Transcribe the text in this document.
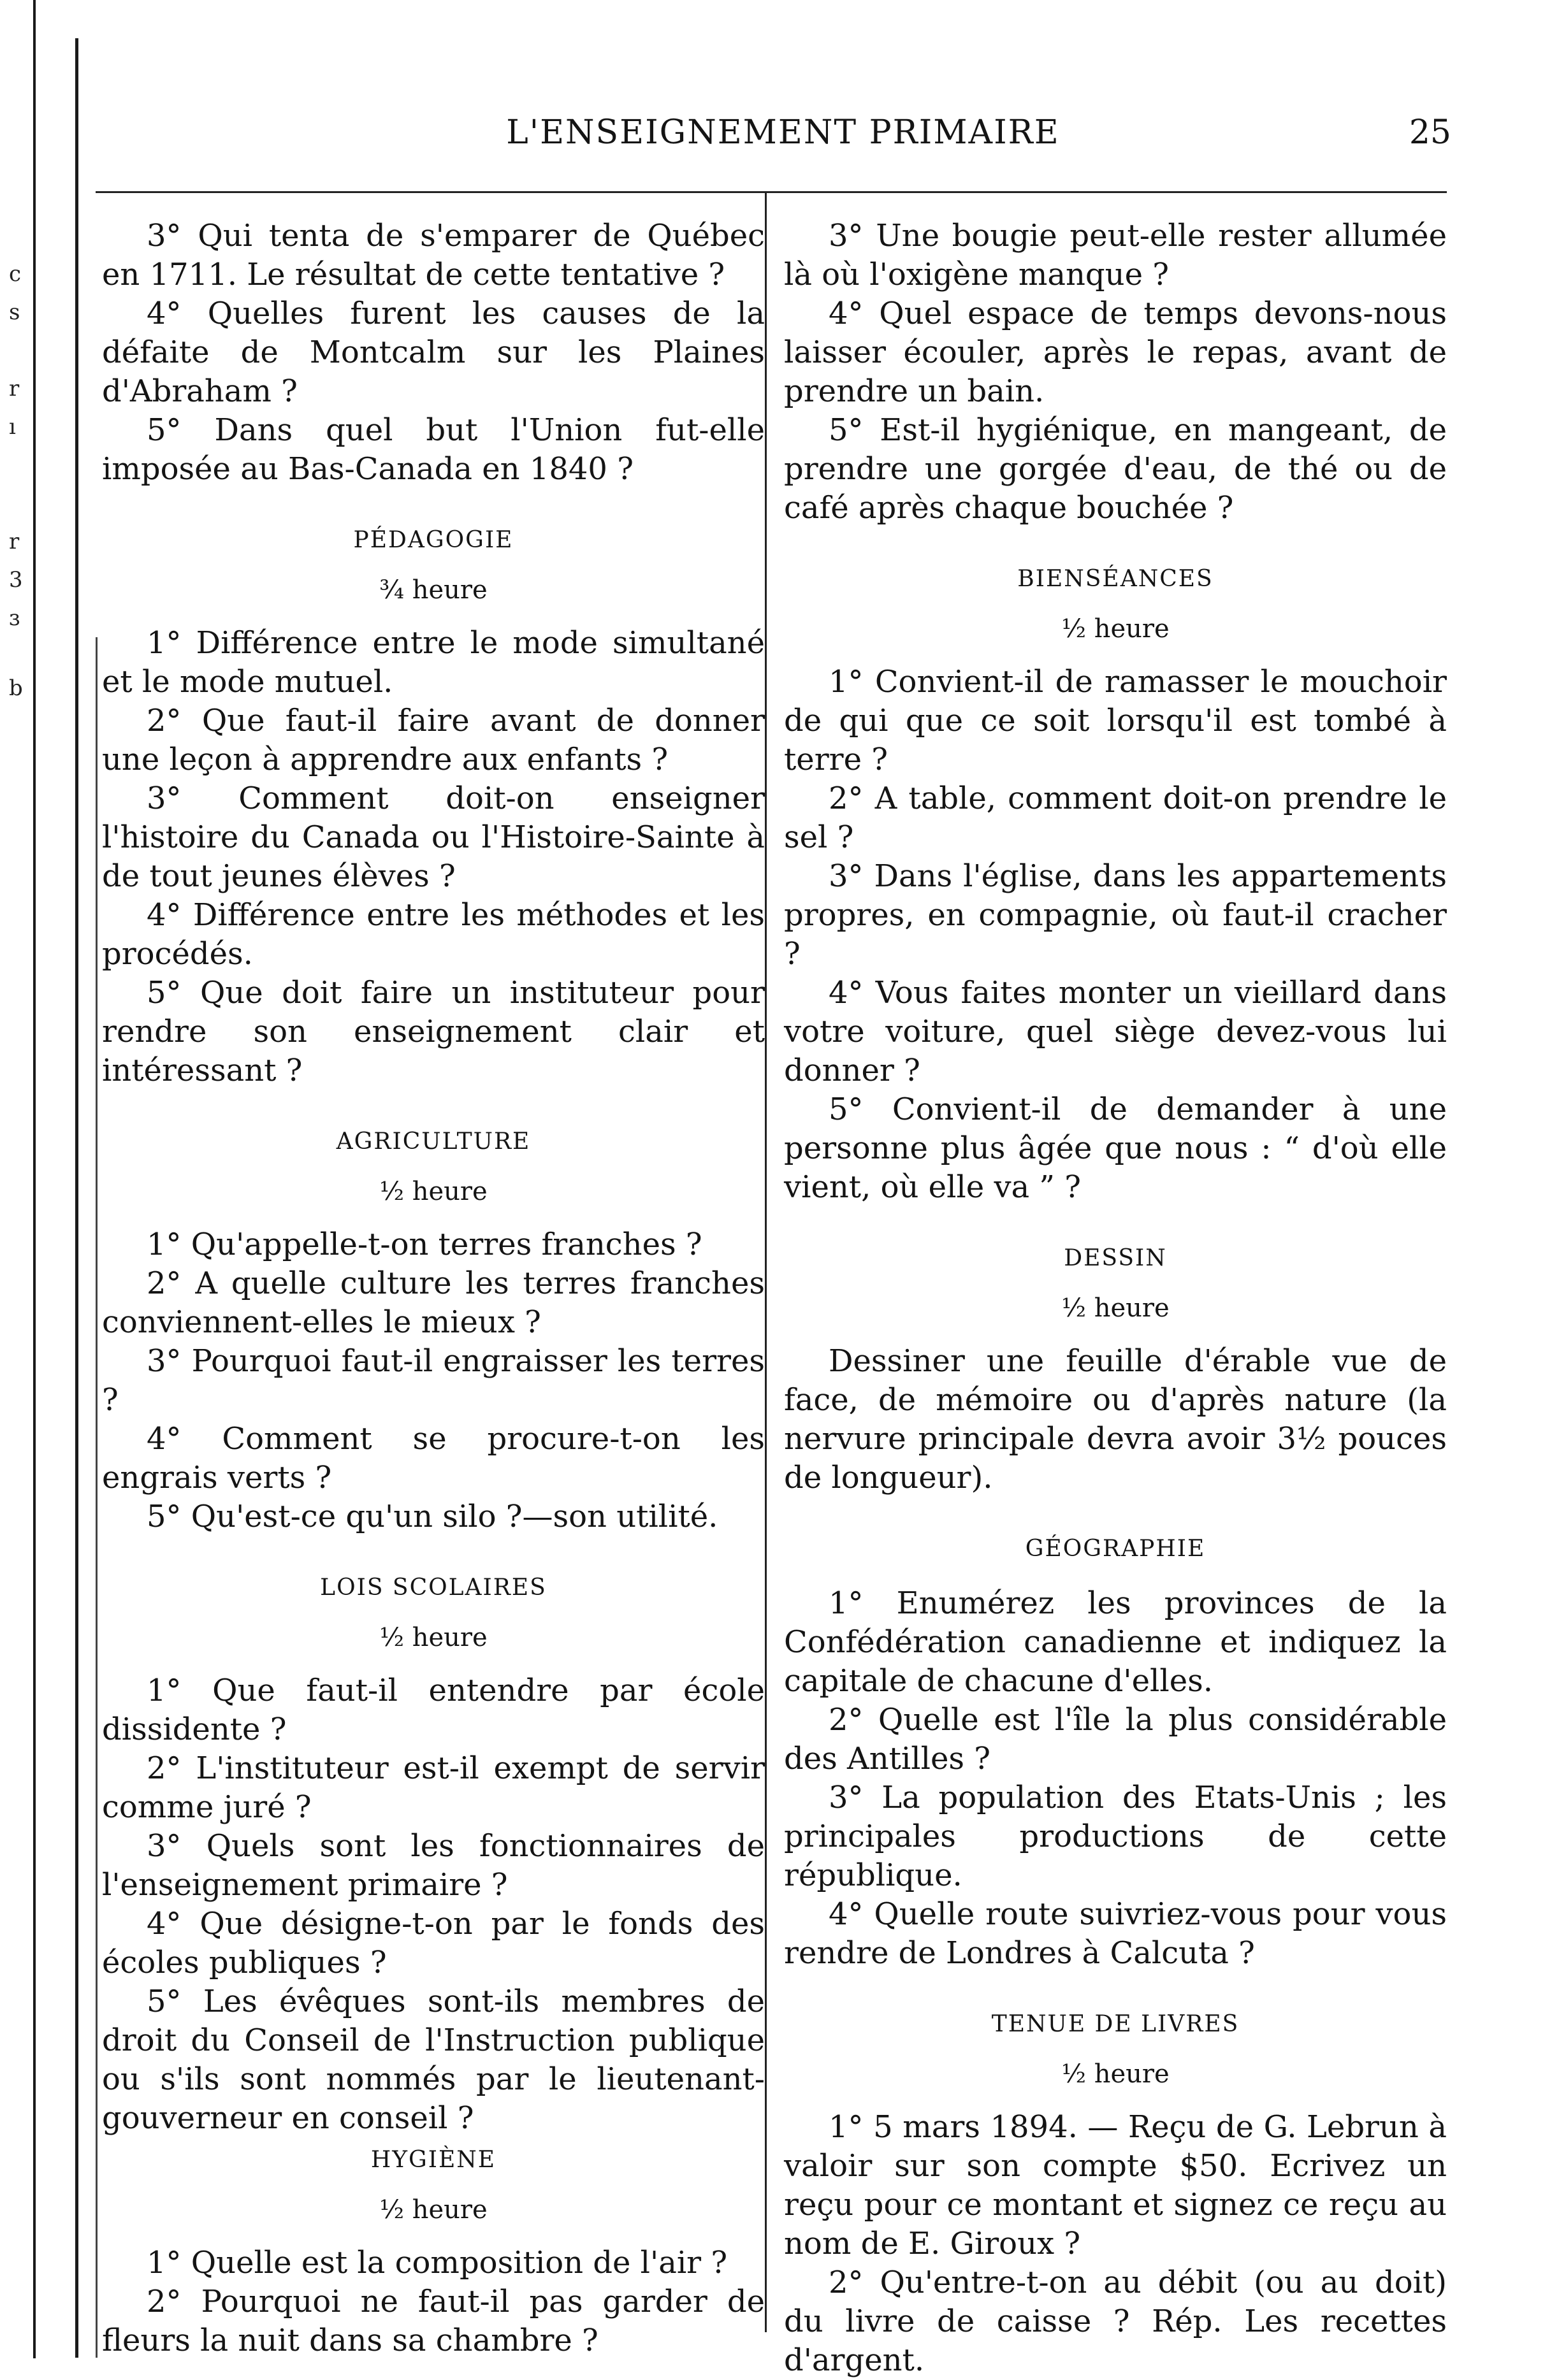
c
s
r
ı
r
3
ɜ
b
L'ENSEIGNEMENT PRIMAIRE	25

3° Qui tenta de s'emparer de Québec en 1711. Le résultat de cette tentative ?

4° Quelles furent les causes de la défaite de Montcalm sur les Plaines d'Abraham ?

5° Dans quel but l'Union fut-elle imposée au Bas-Canada en 1840 ?

PÉDAGOGIE
¾ heure

1° Différence entre le mode simultané et le mode mutuel.

2° Que faut-il faire avant de donner une leçon à apprendre aux enfants ?

3° Comment doit-on enseigner l'histoire du Canada ou l'Histoire-Sainte à de tout jeunes élèves ?

4° Différence entre les méthodes et les procédés.

5° Que doit faire un instituteur pour rendre son enseignement clair et intéressant ?

AGRICULTURE
½ heure

1° Qu'appelle-t-on terres franches ?

2° A quelle culture les terres franches conviennent-elles le mieux ?

3° Pourquoi faut-il engraisser les terres ?

4° Comment se procure-t-on les engrais verts ?

5° Qu'est-ce qu'un silo ?—son utilité.

LOIS SCOLAIRES
½ heure

1° Que faut-il entendre par école dissidente ?

2° L'instituteur est-il exempt de servir comme juré ?

3° Quels sont les fonctionnaires de l'enseignement primaire ?

4° Que désigne-t-on par le fonds des écoles publiques ?

5° Les évêques sont-ils membres de droit du Conseil de l'Instruction publique ou s'ils sont nommés par le lieutenant-gouverneur en conseil ?

HYGIÈNE
½ heure

1° Quelle est la composition de l'air ?

2° Pourquoi ne faut-il pas garder de fleurs la nuit dans sa chambre ?

3° Une bougie peut-elle rester allumée là où l'oxigène manque ?

4° Quel espace de temps devons-nous laisser écouler, après le repas, avant de prendre un bain.

5° Est-il hygiénique, en mangeant, de prendre une gorgée d'eau, de thé ou de café après chaque bouchée ?

BIENSÉANCES
½ heure

1° Convient-il de ramasser le mouchoir de qui que ce soit lorsqu'il est tombé à terre ?

2° A table, comment doit-on prendre le sel ?

3° Dans l'église, dans les appartements propres, en compagnie, où faut-il cracher ?

4° Vous faites monter un vieillard dans votre voiture, quel siège devez-vous lui donner ?

5° Convient-il de demander à une personne plus âgée que nous : “ d'où elle vient, où elle va ” ?

DESSIN
½ heure

Dessiner une feuille d'érable vue de face, de mémoire ou d'après nature (la nervure principale devra avoir 3½ pouces de longueur).

GÉOGRAPHIE

1° Enumérez les provinces de la Confédération canadienne et indiquez la capitale de chacune d'elles.

2° Quelle est l'île la plus considérable des Antilles ?

3° La population des Etats-Unis ; les principales productions de cette république.

4° Quelle route suivriez-vous pour vous rendre de Londres à Calcuta ?

TENUE DE LIVRES
½ heure

1° 5 mars 1894. — Reçu de G. Lebrun à valoir sur son compte $50. Ecrivez un reçu pour ce montant et signez ce reçu au nom de E. Giroux ?

2° Qu'entre-t-on au débit (ou au doit) du livre de caisse ? Rép. Les recettes d'argent.
